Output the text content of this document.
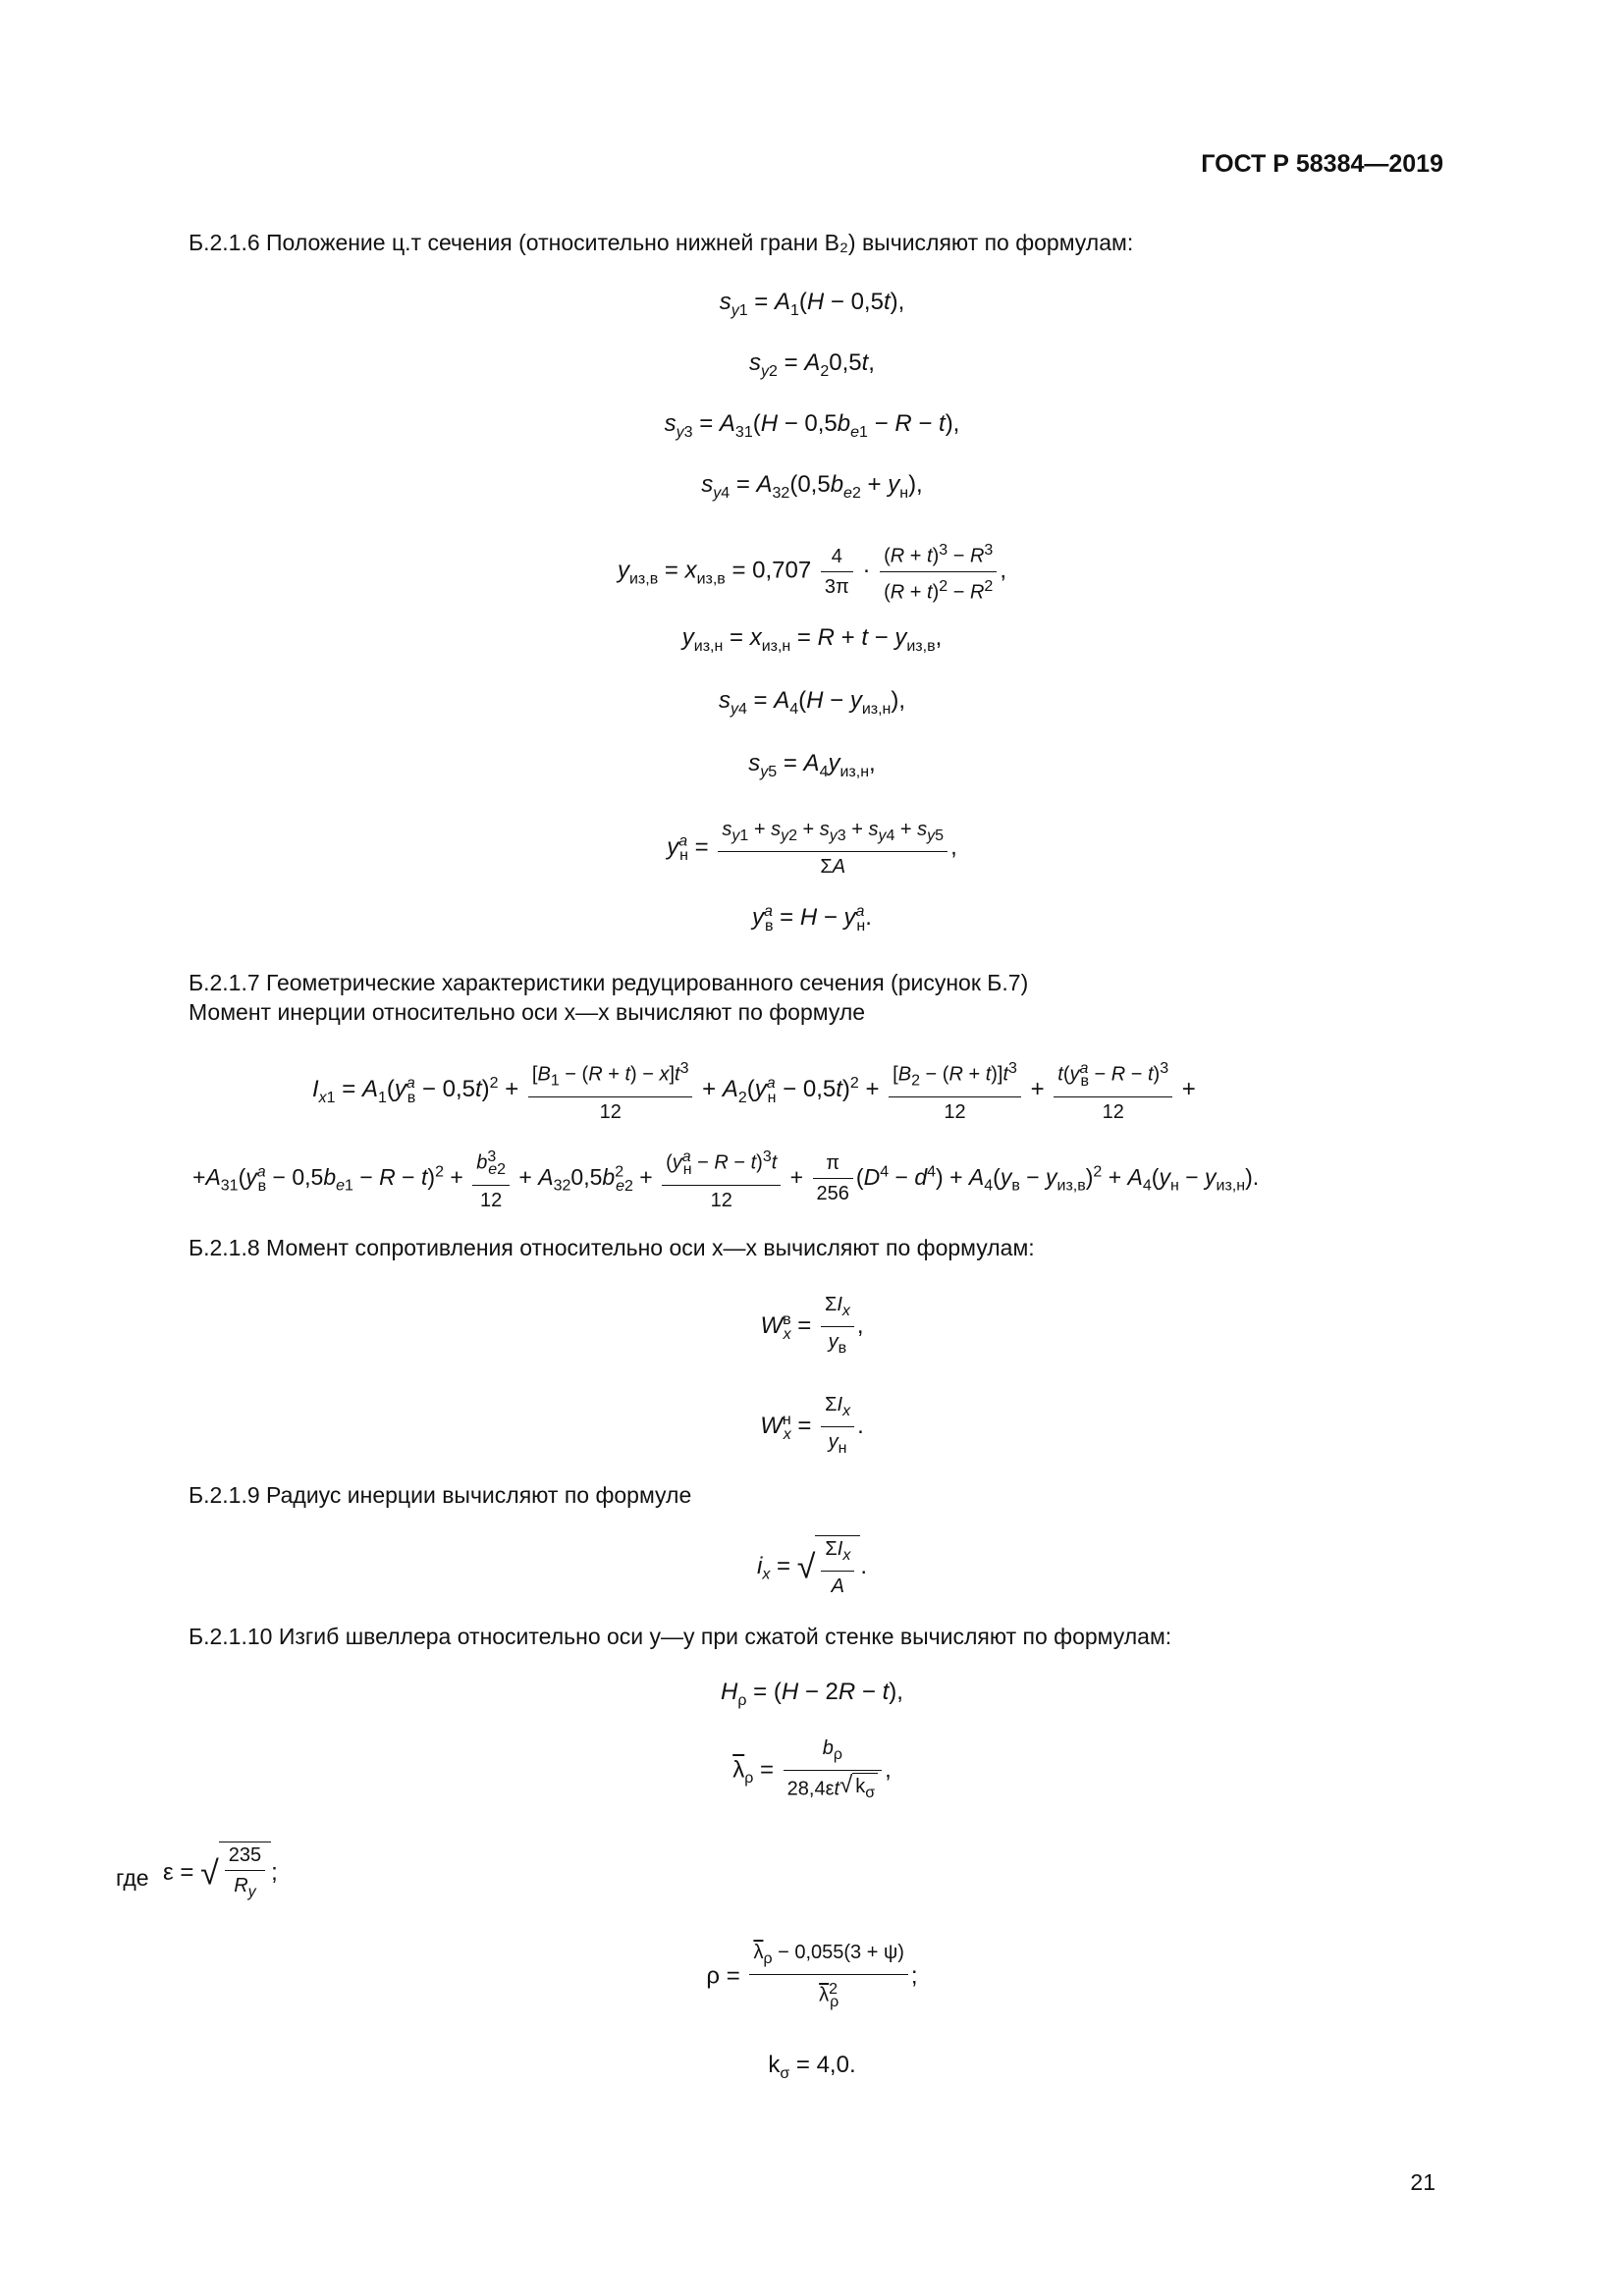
ГОСТ Р 58384—2019
Б.2.1.6 Положение ц.т сечения (относительно нижней грани B₂) вычисляют по формулам:
$s_{y1} = A_1(H - 0,5t)$,
$s_{y2} = A_20,5t$,
$s_{y3} = A_{31}(H - 0,5b_{e1} - R - t)$,
$s_{y4} = A_{32}(0,5b_{e2} + y_н)$,
$y_{из,в} = x_{из,в} = 0,707 \frac{4}{3\pi} \cdot \frac{(R + t)^3 - R^3}{(R + t)^2 - R^2}$ ,
$y_{из,н} = x_{из,н} = R + t - y_{из,в}$,
$s_{y4} = A_4(H - y_{из,н})$,
$s_{y5} = A_4y_{из,н}$,
$y^a_н = \frac{s_{y1} + s_{y2} + s_{y3} + s_{y4} + s_{y5}}{\Sigma A}$ ,
$y^a_в = H - y^a_н$.
Б.2.1.7 Геометрические характеристики редуцированного сечения (рисунок Б.7)
Момент инерции относительно оси x—x вычисляют по формуле
$I_{x1} = A_1(y^a_в - 0,5t)^2 + \frac{[B_1 - (R + t) - x]t^3}{12} + A_2(y^a_н - 0,5t)^2 + \frac{[B_2 - (R + t)]t^3}{12} + \frac{t(y^a_в - R - t)^3}{12}$ +
$+A_{31}(y^a_в - 0,5b_{e1} - R - t)^2 + \frac{b^3_{e2}}{12} + A_{32}0,5b^2_{e2} + \frac{(y^a_н - R - t)^3t}{12} + \frac{\pi}{256} (D^4 - d^4) + A_4(y_в - y_{из,в})^2 + A_4(y_н - y_{из,н})$.
Б.2.1.8 Момент сопротивления относительно оси x—x вычисляют по формулам:
$W^в_x = \frac{\Sigma I_x}{y_в}$ ,
$W^н_x = \frac{\Sigma I_x}{y_н}$ .
Б.2.1.9 Радиус инерции вычисляют по формуле
$i_x$ = √ $\frac{\Sigma I_x}{A}$ .
Б.2.1.10 Изгиб швеллера относительно оси y—y при сжатой стенке вычисляют по формулам:
$H_\rho = (H - 2R - t)$,
$\overline{\lambda}_\rho = \frac{b_\rho}{28,4\varepsilon t√ k_\sigma}$ ,
где ε = √ $\frac{235}{R_y}$ ;
$\rho = \frac{\overline{\lambda}_\rho - 0,055(3 + \psi)}{\overline{\lambda}^2_\rho}$ ;
$k_\sigma = 4,0$.
21
